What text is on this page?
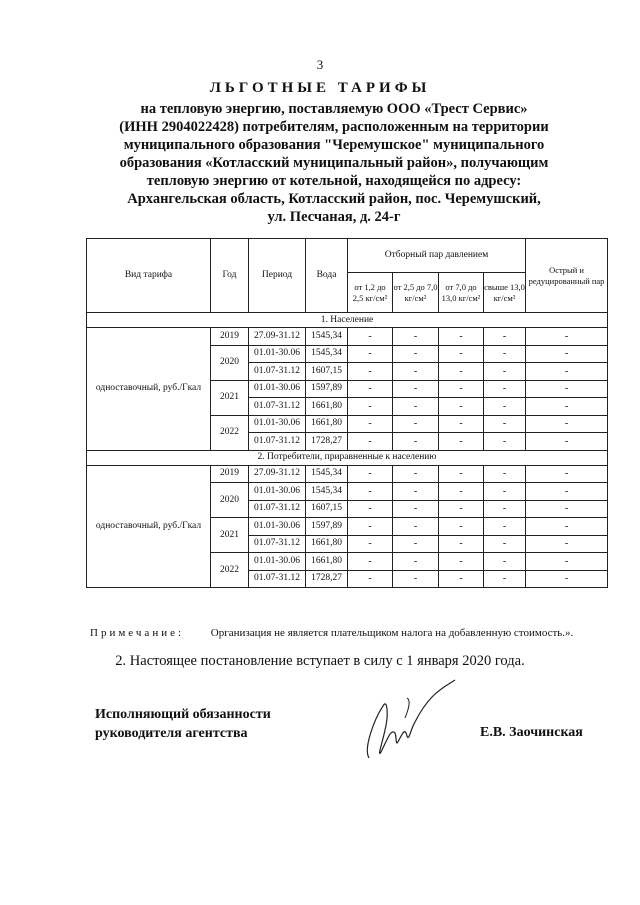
3
ЛЬГОТНЫЕ ТАРИФЫ
на тепловую энергию, поставляемую ООО «Трест Сервис»
(ИНН 2904022428) потребителям, расположенным на территории
муниципального образования "Черемушское" муниципального
образования «Котласский муниципальный район», получающим
тепловую энергию от котельной, находящейся по адресу:
Архангельская область, Котласский район, пос. Черемушский,
ул. Песчаная, д. 24-г
Вид тарифа	Год	Период	Вода	Отборный пар давлением				Острый и редуцированный пар
				от 1,2 до 2,5 кг/см²	от 2,5 до 7,0 кг/см²	от 7,0 до 13,0 кг/см²	свыше 13,0 кг/см²	
1. Население								
одноставочный, руб./Гкал	2019	27.09-31.12	1545,34	-	-	-	-	-
	2020	01.01-30.06	1545,34	-	-	-	-	-
		01.07-31.12	1607,15	-	-	-	-	-
	2021	01.01-30.06	1597,89	-	-	-	-	-
		01.07-31.12	1661,80	-	-	-	-	-
	2022	01.01-30.06	1661,80	-	-	-	-	-
		01.07-31.12	1728,27	-	-	-	-	-
2. Потребители, приравненные к населению								
одноставочный, руб./Гкал	2019	27.09-31.12	1545,34	-	-	-	-	-
	2020	01.01-30.06	1545,34	-	-	-	-	-
		01.07-31.12	1607,15	-	-	-	-	-
	2021	01.01-30.06	1597,89	-	-	-	-	-
		01.07-31.12	1661,80	-	-	-	-	-
	2022	01.01-30.06	1661,80	-	-	-	-	-
		01.07-31.12	1728,27	-	-	-	-	-
Примечание: Организация не является плательщиком налога на добавленную стоимость.».
2. Настоящее постановление вступает в силу с 1 января 2020 года.
Исполняющий обязанности
руководителя агентства	Е.В. Заочинская
